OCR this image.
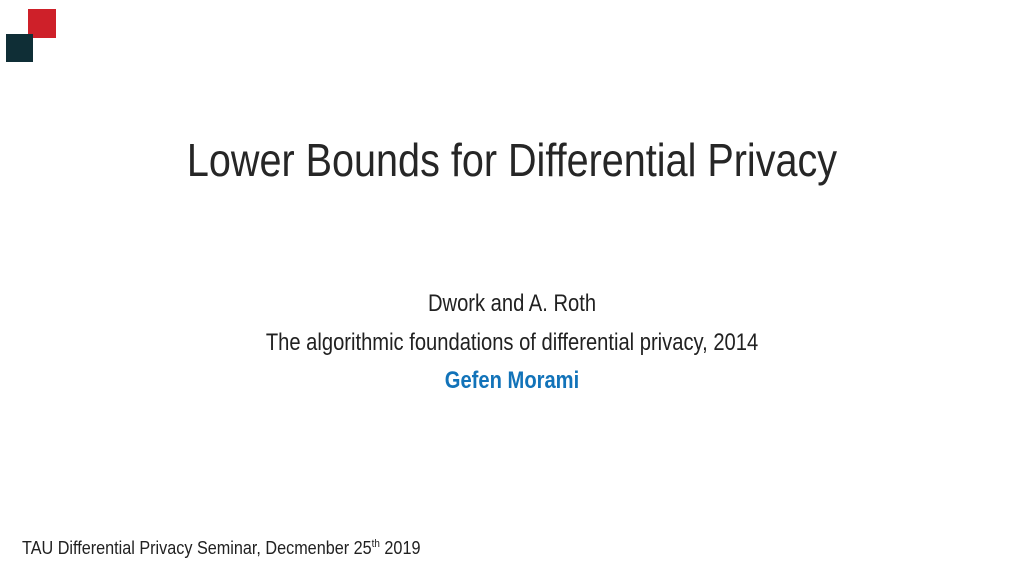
Lower Bounds for Differential Privacy
Dwork and A. Roth
The algorithmic foundations of differential privacy, 2014
Gefen Morami
TAU Differential Privacy Seminar, Decmenber 25th 2019
